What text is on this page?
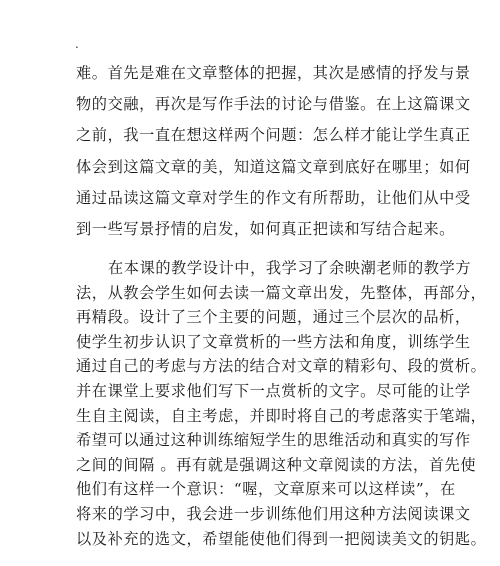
.
难。首先是难在文章整体的把握，其次是感情的抒发与景
物的交融，再次是写作手法的讨论与借鉴。在上这篇课文
之前，我一直在想这样两个问题：怎么样才能让学生真正
体会到这篇文章的美，知道这篇文章到底好在哪里；如何
通过品读这篇文章对学生的作文有所帮助，让他们从中受
到一些写景抒情的启发，如何真正把读和写结合起来。
在本课的教学设计中，我学习了余映潮老师的教学方
法，从教会学生如何去读一篇文章出发，先整体，再部分，
再精段。设计了三个主要的问题，通过三个层次的品析，
使学生初步认识了文章赏析的一些方法和角度，训练学生
通过自己的考虑与方法的结合对文章的精彩句、段的赏析。
并在课堂上要求他们写下一点赏析的文字。尽可能的让学
生自主阅读，自主考虑，并即时将自己的考虑落实于笔端，
希望可以通过这种训练缩短学生的思维活动和真实的写作
之间的间隔 。再有就是强调这种文章阅读的方法，首先使
他们有这样一个意识：“喔，文章原来可以这样读”，在
将来的学习中，我会进一步训练他们用这种方法阅读课文
以及补充的选文，希望能使他们得到一把阅读美文的钥匙。
